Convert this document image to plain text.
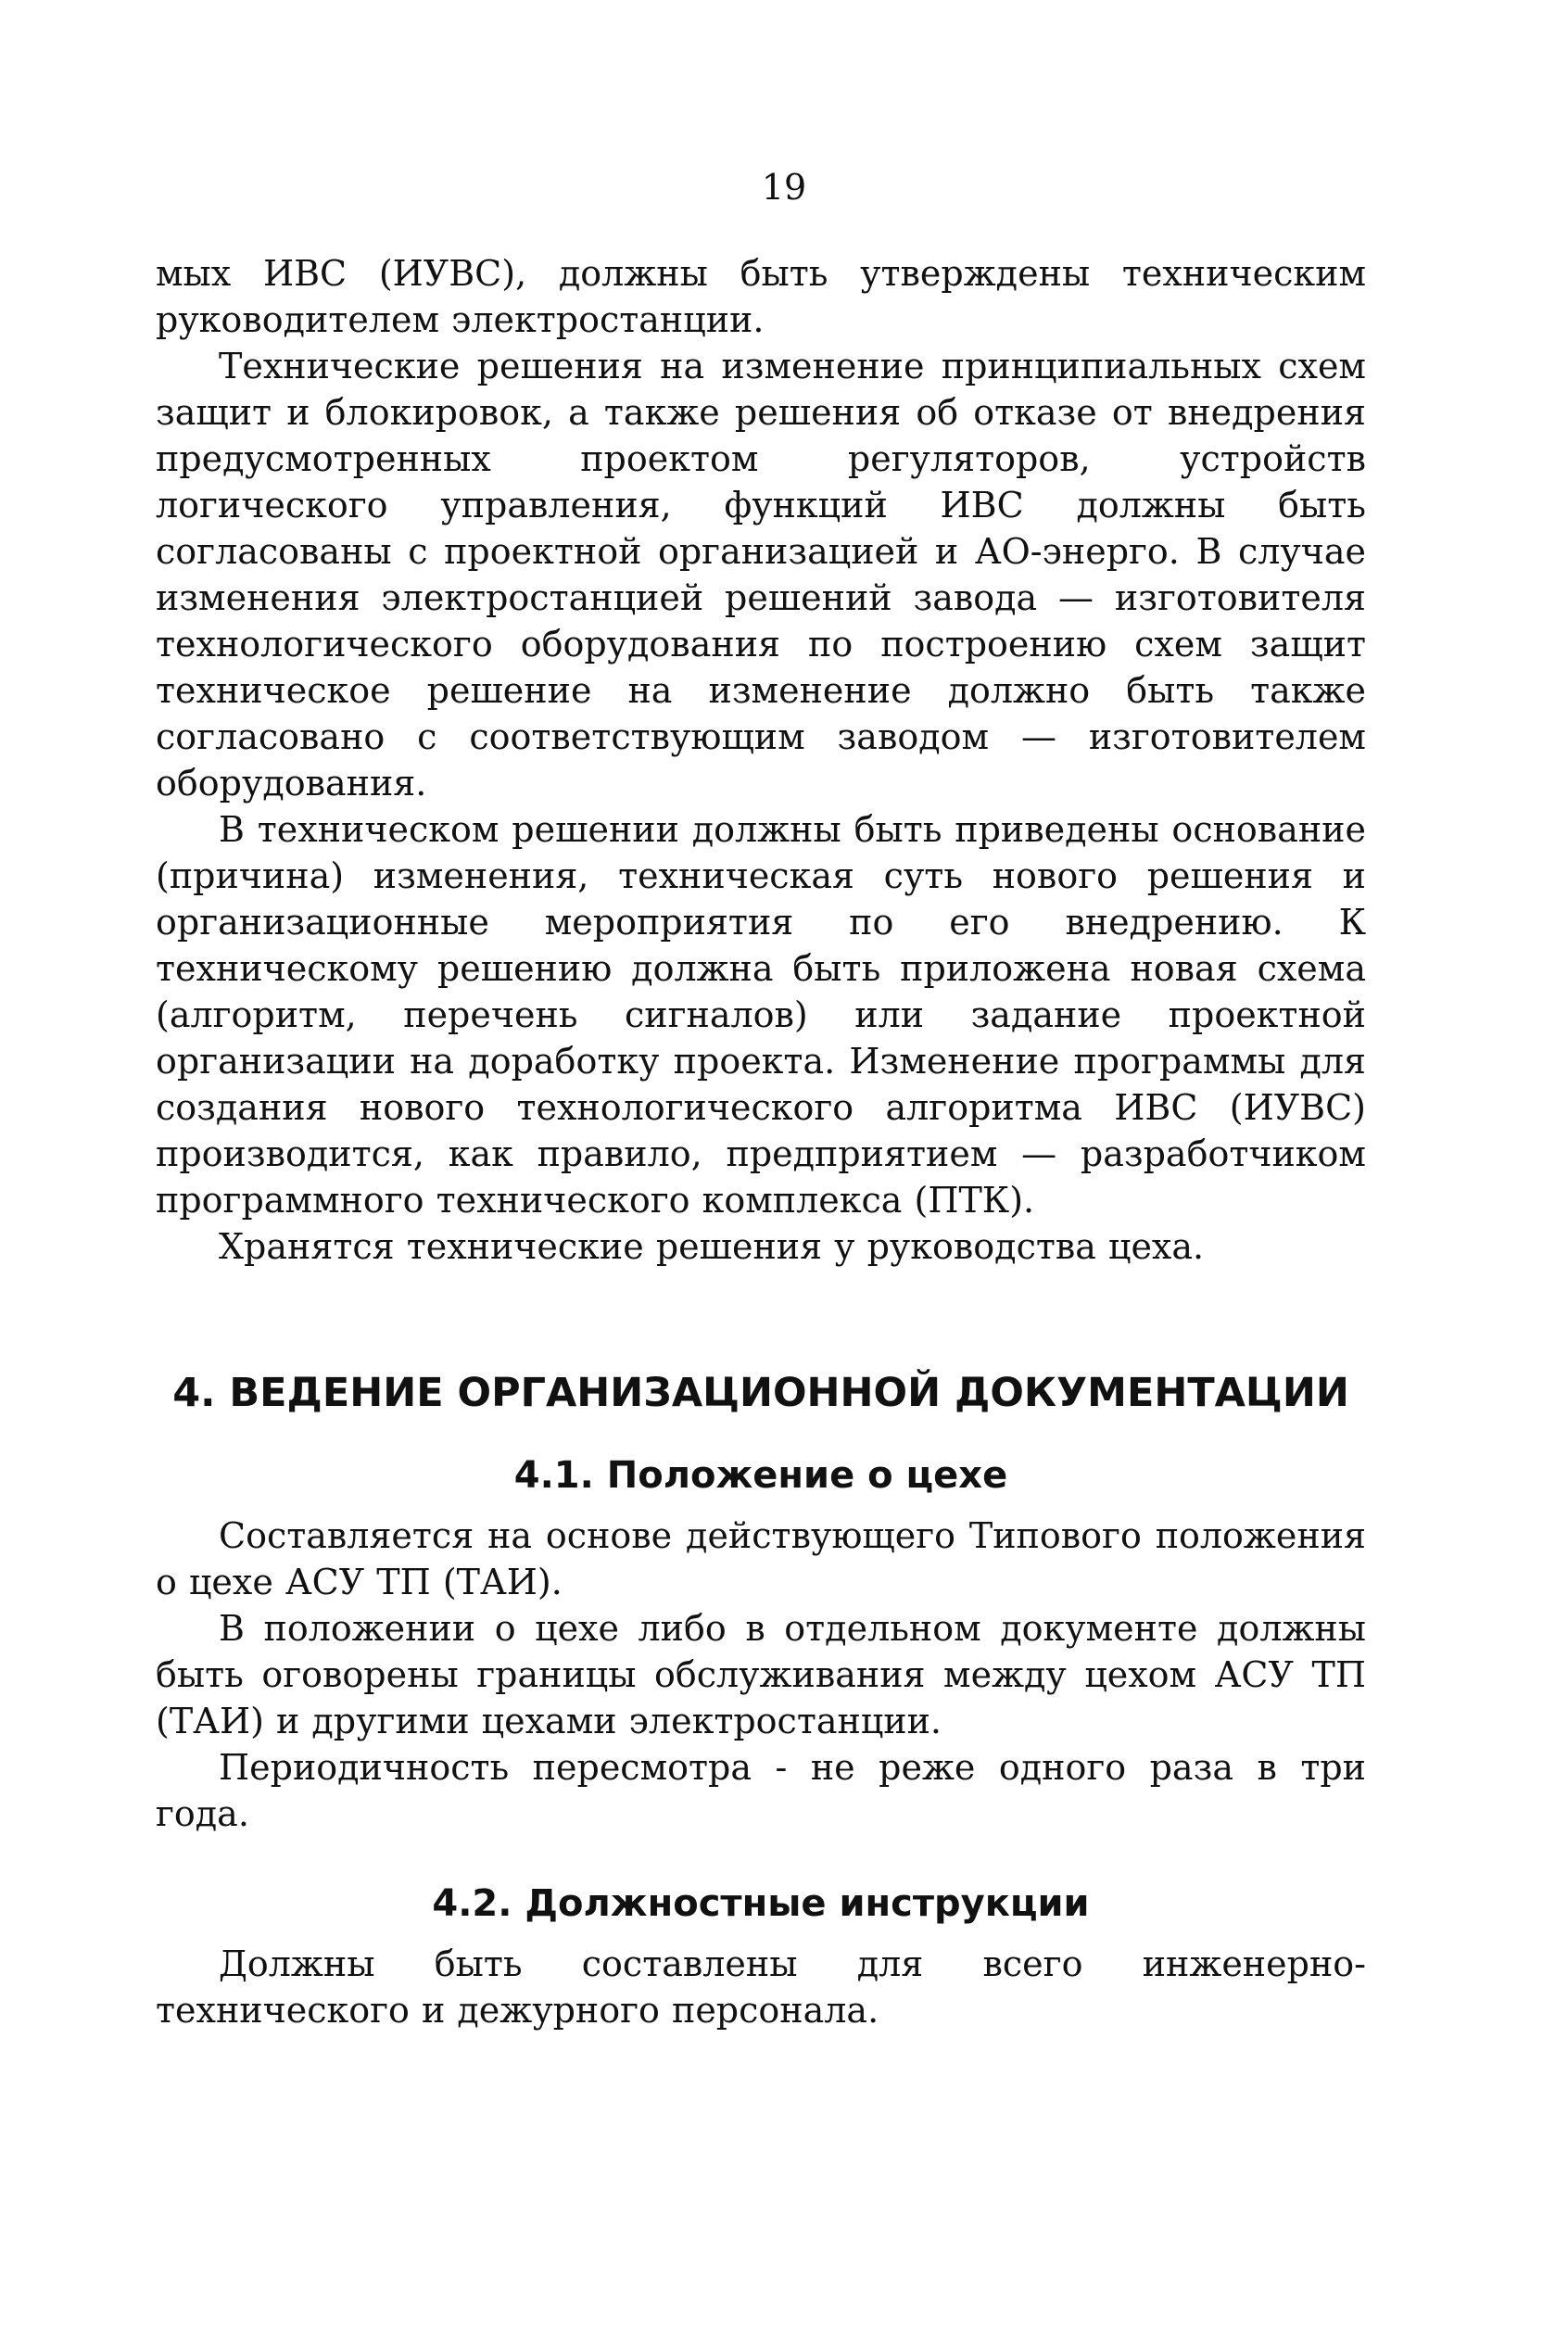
19

мых ИВС (ИУВС), должны быть утверждены техническим руководителем электростанции.

Технические решения на изменение принципиальных схем защит и блокировок, а также решения об отказе от внедрения предусмотренных проектом регуляторов, устройств логического управления, функций ИВС должны быть согласованы с проектной организацией и АО-энерго. В случае изменения электростанцией решений завода — изготовителя технологического оборудования по построению схем защит техническое решение на изменение должно быть также согласовано с соответствующим заводом — изготовителем оборудования.

В техническом решении должны быть приведены основание (причина) изменения, техническая суть нового решения и организационные мероприятия по его внедрению. К техническому решению должна быть приложена новая схема (алгоритм, перечень сигналов) или задание проектной организации на доработку проекта. Изменение программы для создания нового технологического алгоритма ИВС (ИУВС) производится, как правило, предприятием — разработчиком программного технического комплекса (ПТК).

Хранятся технические решения у руководства цеха.

4. ВЕДЕНИЕ ОРГАНИЗАЦИОННОЙ ДОКУМЕНТАЦИИ
4.1. Положение о цехе

Составляется на основе действующего Типового положения о цехе АСУ ТП (ТАИ).

В положении о цехе либо в отдельном документе должны быть оговорены границы обслуживания между цехом АСУ ТП (ТАИ) и другими цехами электростанции.

Периодичность пересмотра - не реже одного раза в три года.

4.2. Должностные инструкции

Должны быть составлены для всего инженерно-технического и дежурного персонала.
